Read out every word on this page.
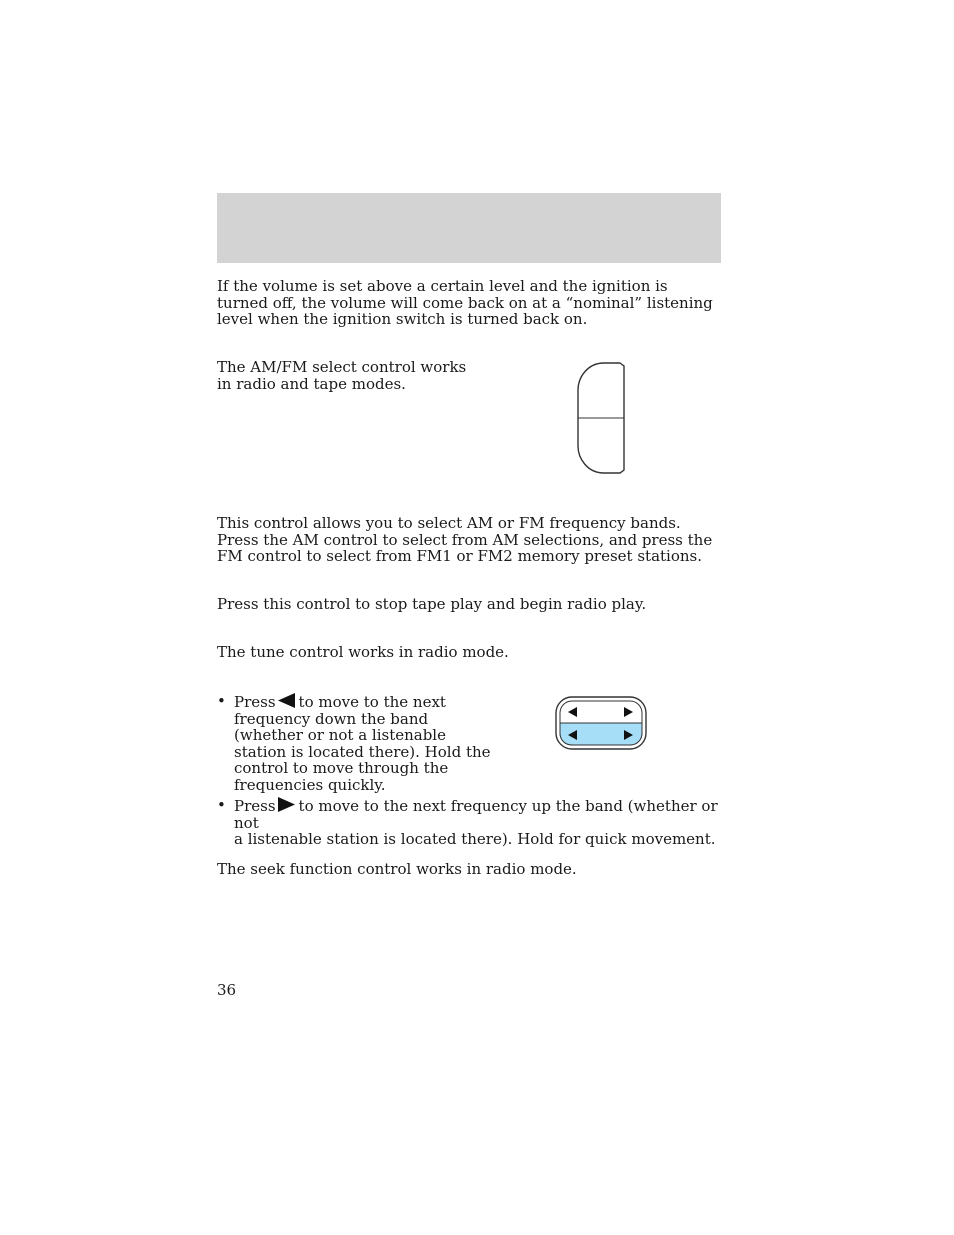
If the volume is set above a certain level and the ignition is turned off, the volume will come back on at a “nominal” listening level when the ignition switch is turned back on.

The AM/FM select control works in radio and tape modes.

This control allows you to select AM or FM frequency bands. Press the AM control to select from AM selections, and press the FM control to select from FM1 or FM2 memory preset stations.

Press this control to stop tape play and begin radio play.

The tune control works in radio mode.

• Press to move to the next
frequency down the band
(whether or not a listenable
station is located there). Hold the
control to move through the
frequencies quickly.
• Press to move to the next frequency up the band (whether or not
a listenable station is located there). Hold for quick movement.

The seek function control works in radio mode.

36
